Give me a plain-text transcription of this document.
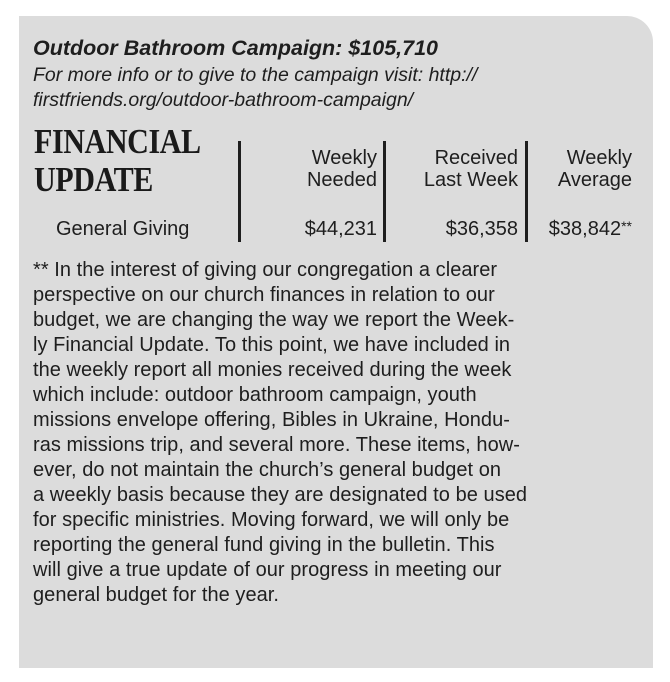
Outdoor Bathroom Campaign: $105,710
For more info or to give to the campaign visit: http://
firstfriends.org/outdoor-bathroom-campaign/
FINANCIAL
UPDATE
Weekly
Needed
Received
Last Week
Weekly
Average
General Giving	$44,231	$36,358 $38,842**
** In the interest of giving our congregation a clearer
perspective on our church finances in relation to our
budget, we are changing the way we report the Week-
ly Financial Update. To this point, we have included in
the weekly report all monies received during the week
which include: outdoor bathroom campaign, youth
missions envelope offering, Bibles in Ukraine, Hondu-
ras missions trip, and several more. These items, how-
ever, do not maintain the church’s general budget on
a weekly basis because they are designated to be used
for specific ministries. Moving forward, we will only be
reporting the general fund giving in the bulletin. This
will give a true update of our progress in meeting our
general budget for the year.
